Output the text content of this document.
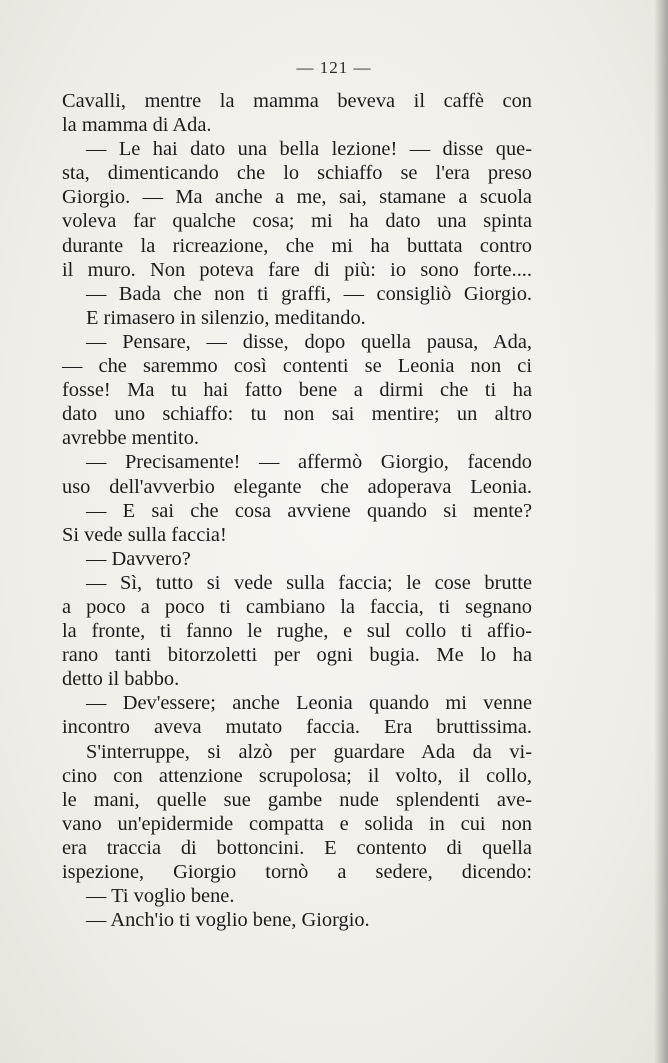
— 121 —
Cavalli, mentre la mamma beveva il caffè con
la mamma di Ada.
— Le hai dato una bella lezione! — disse que-
sta, dimenticando che lo schiaffo se l'era preso
Giorgio. — Ma anche a me, sai, stamane a scuola
voleva far qualche cosa; mi ha dato una spinta
durante la ricreazione, che mi ha buttata contro
il muro. Non poteva fare di più: io sono forte....
— Bada che non ti graffi, — consigliò Giorgio.
E rimasero in silenzio, meditando.
— Pensare, — disse, dopo quella pausa, Ada,
— che saremmo così contenti se Leonia non ci
fosse! Ma tu hai fatto bene a dirmi che ti ha
dato uno schiaffo: tu non sai mentire; un altro
avrebbe mentito.
— Precisamente! — affermò Giorgio, facendo
uso dell'avverbio elegante che adoperava Leonia.
— E sai che cosa avviene quando si mente?
Si vede sulla faccia!
— Davvero?
— Sì, tutto si vede sulla faccia; le cose brutte
a poco a poco ti cambiano la faccia, ti segnano
la fronte, ti fanno le rughe, e sul collo ti affio-
rano tanti bitorzoletti per ogni bugia. Me lo ha
detto il babbo.
— Dev'essere; anche Leonia quando mi venne
incontro aveva mutato faccia. Era bruttissima.
S'interruppe, si alzò per guardare Ada da vi-
cino con attenzione scrupolosa; il volto, il collo,
le mani, quelle sue gambe nude splendenti ave-
vano un'epidermide compatta e solida in cui non
era traccia di bottoncini. E contento di quella
ispezione, Giorgio tornò a sedere, dicendo:
— Ti voglio bene.
— Anch'io ti voglio bene, Giorgio.
